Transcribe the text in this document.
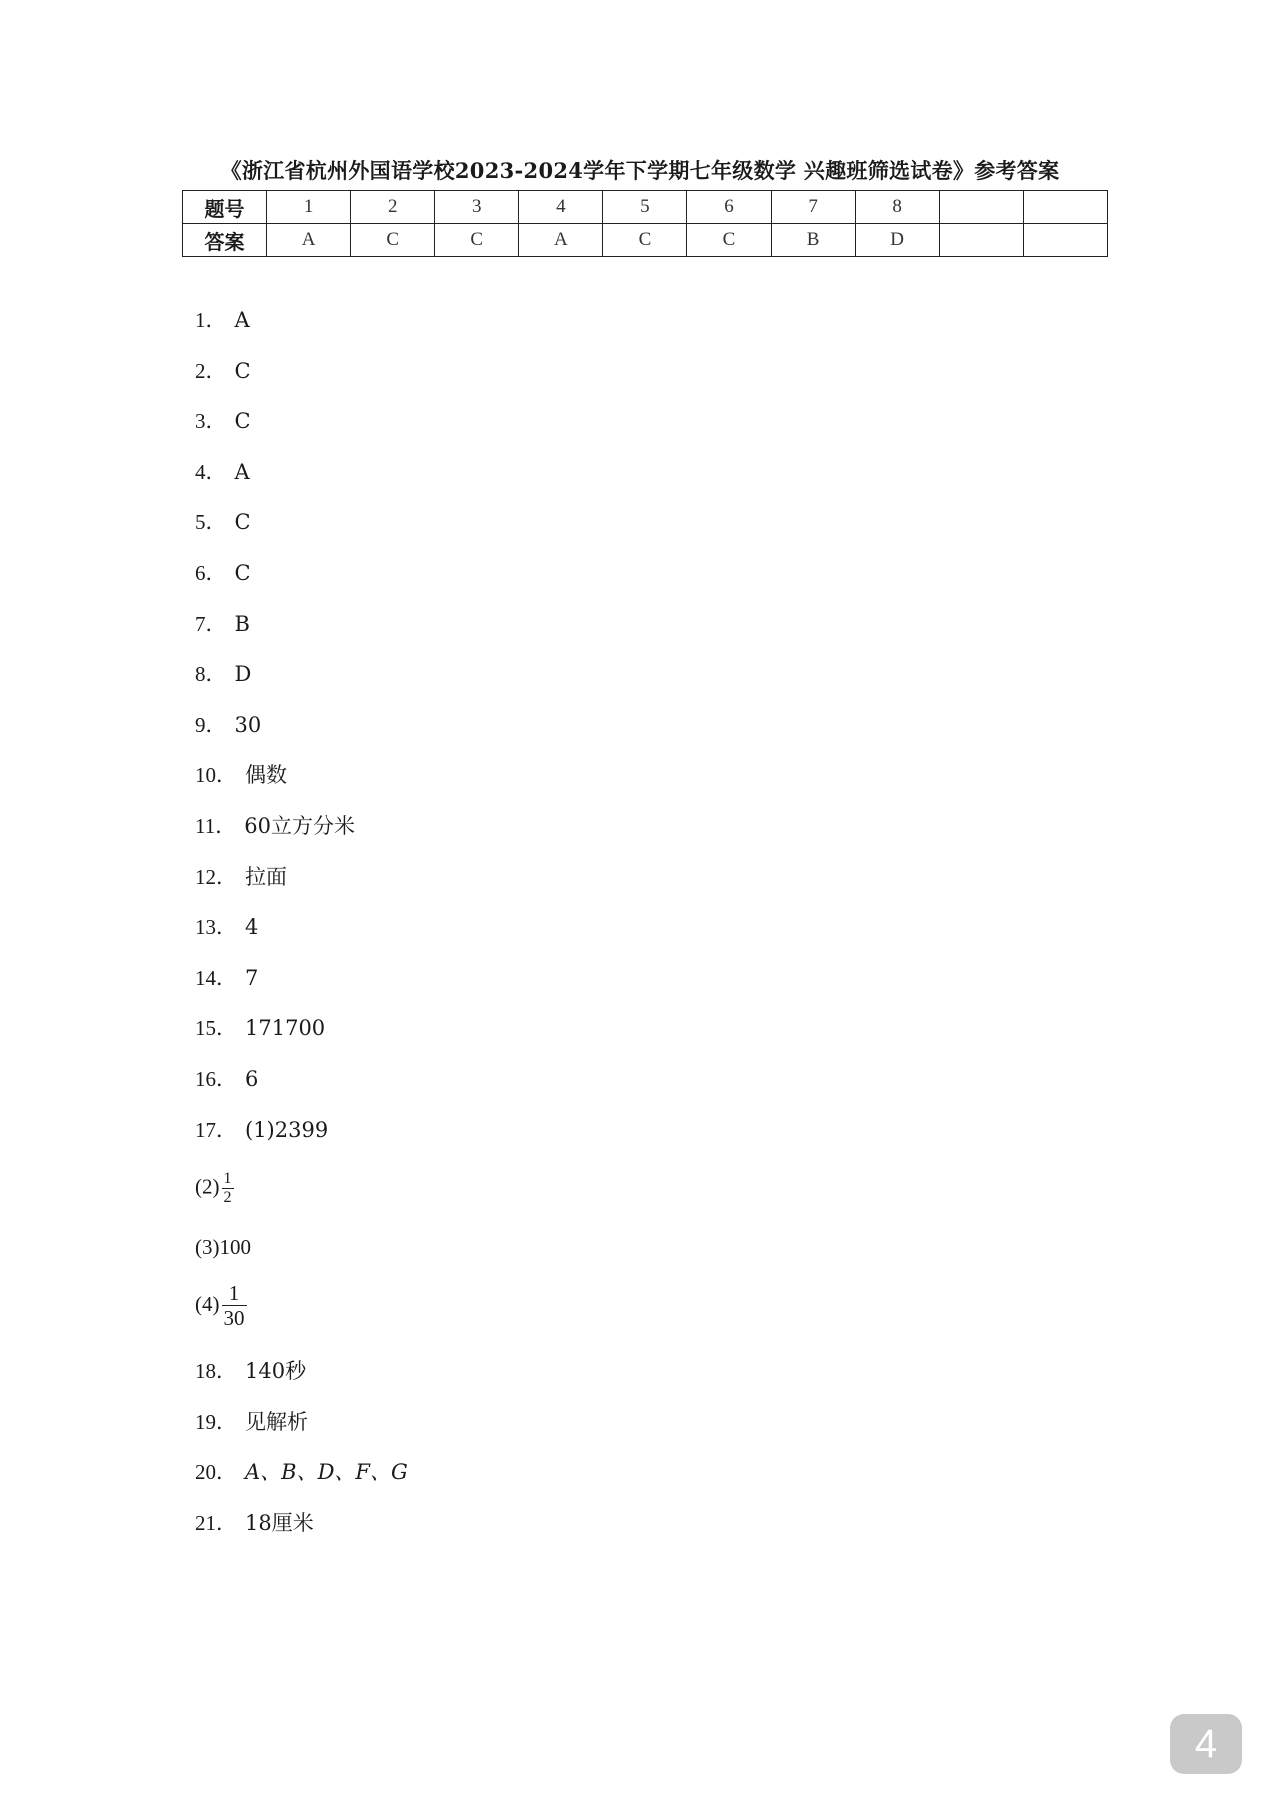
《浙江省杭州外国语学校2023-2024学年下学期七年级数学 兴趣班筛选试卷》参考答案
题号	1	2	3	4	5	6	7	8		
答案	A	C	C	A	C	C	B	D		
1． A
2． C
3． C
4． A
5． C
6． C
7． B
8． D
9． 30
10． 偶数
11． 60立方分米
12． 拉面
13． 4
14． 7
15． 171700
16． 6
17． (1)2399
$(2) \frac{1}{2}$
(3)100
$(4) \frac{1}{30}$
18． 140秒
19． 见解析
20． A、B、D、F、G
21． 18厘米
4
